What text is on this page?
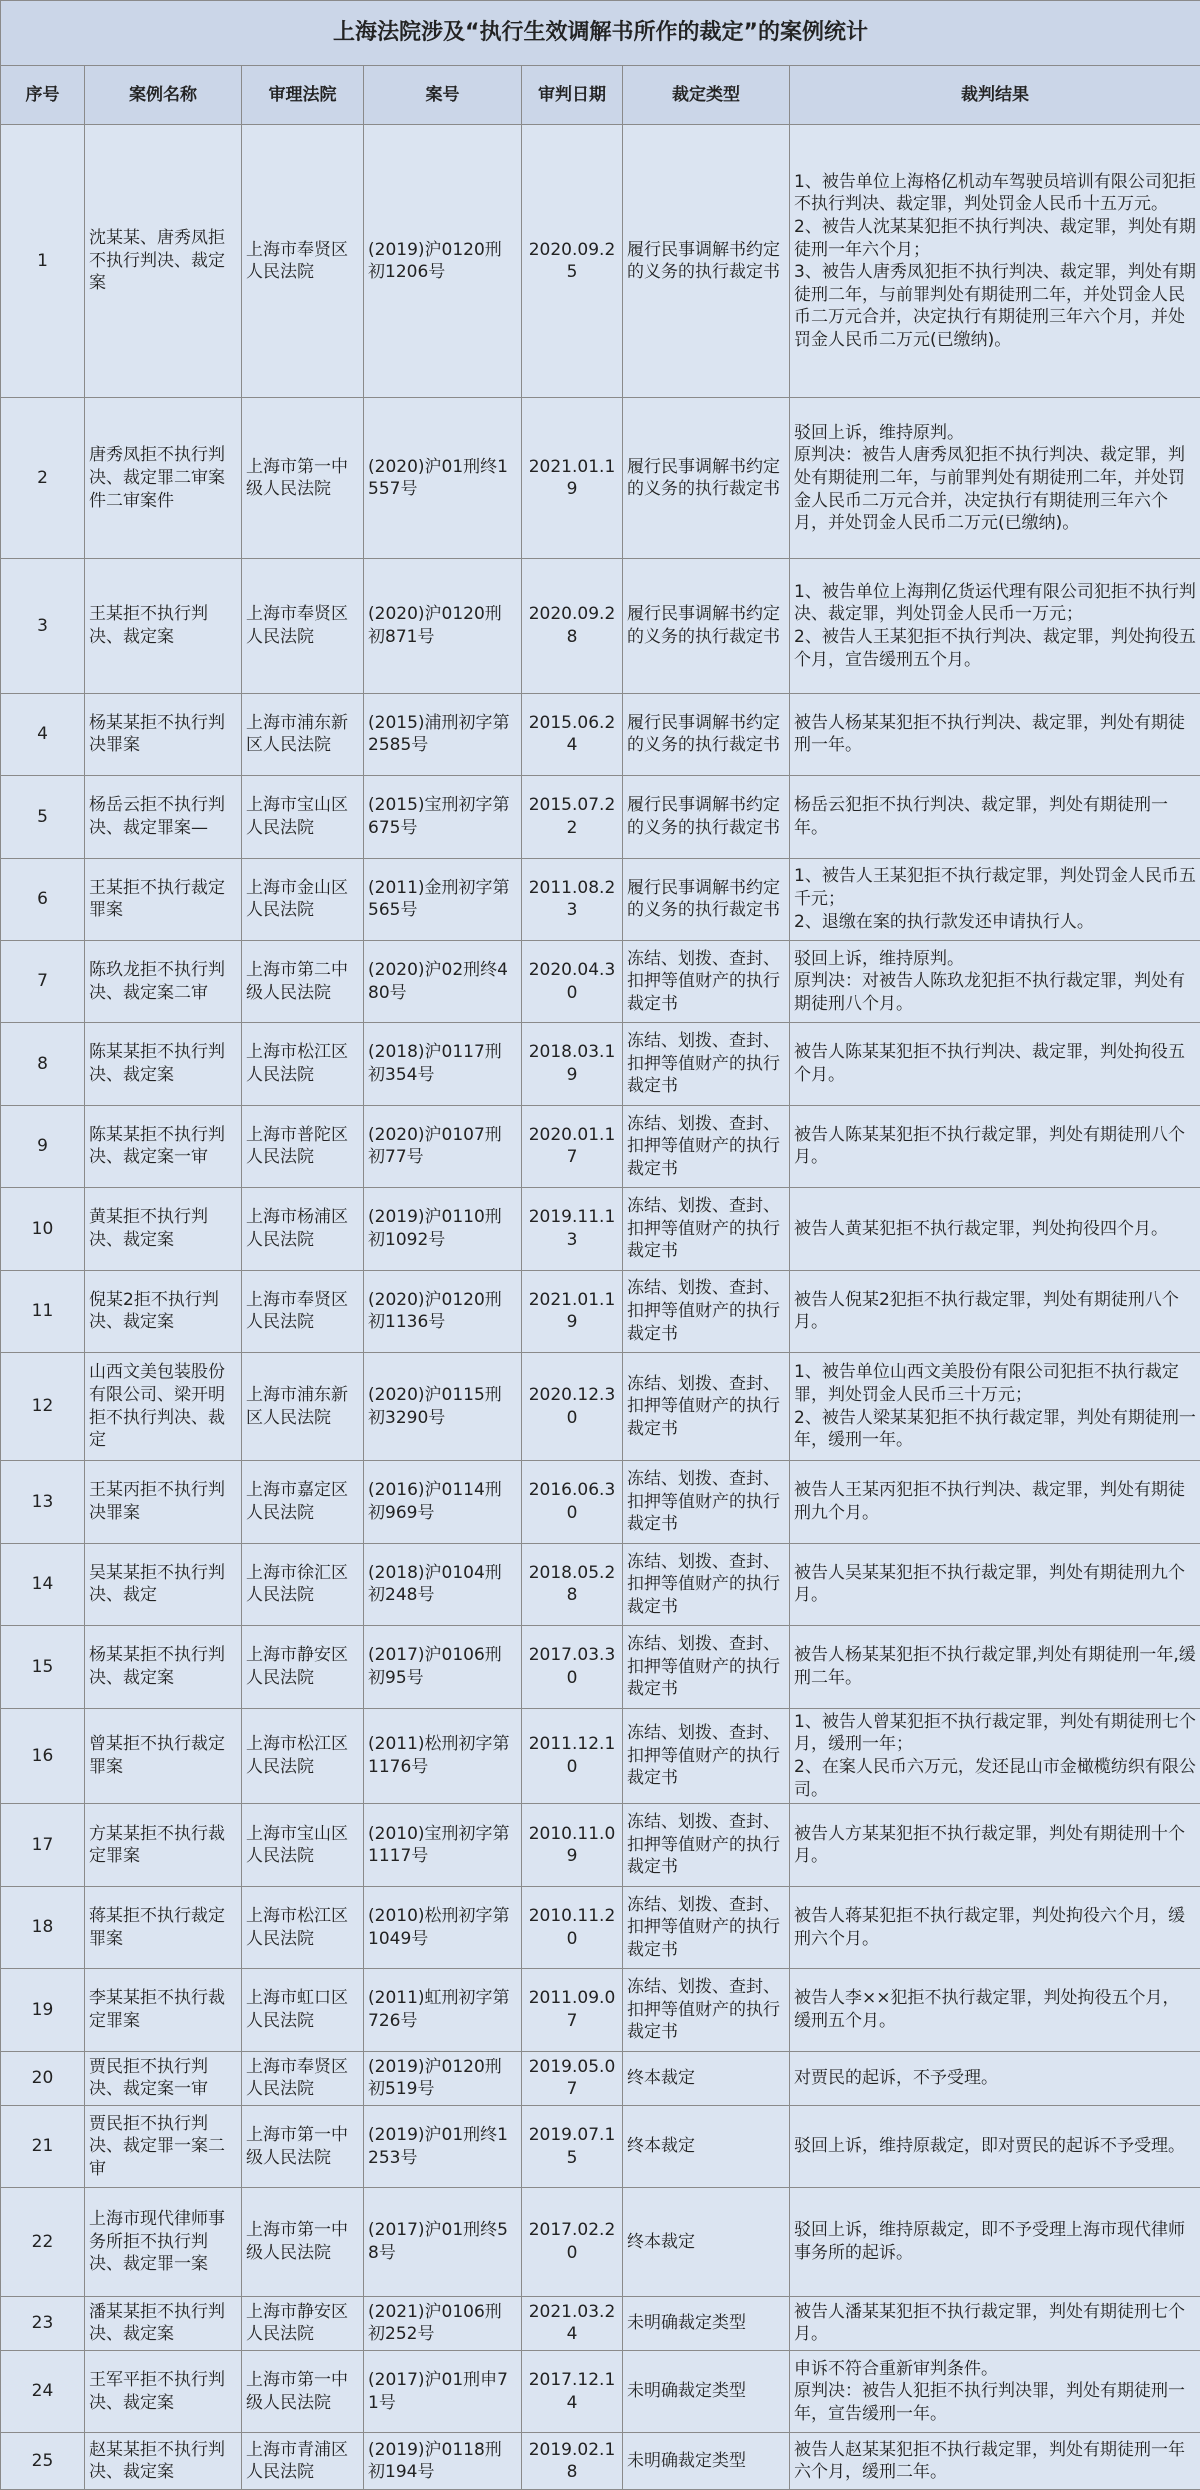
上海法院涉及“执行生效调解书所作的裁定”的案例统计						
序号	案例名称	审理法院	案号	审判日期	裁定类型	裁判结果
1	沈某某、唐秀凤拒不执行判决、裁定案	上海市奉贤区人民法院	(2019)沪0120刑初1206号	2020.09.25	履行民事调解书约定的义务的执行裁定书	1、被告单位上海格亿机动车驾驶员培训有限公司犯拒不执行判决、裁定罪，判处罚金人民币十五万元。
2、被告人沈某某犯拒不执行判决、裁定罪，判处有期徒刑一年六个月；
3、被告人唐秀凤犯拒不执行判决、裁定罪，判处有期徒刑二年，与前罪判处有期徒刑二年，并处罚金人民币二万元合并，决定执行有期徒刑三年六个月，并处罚金人民币二万元(已缴纳)。

2	唐秀凤拒不执行判决、裁定罪二审案件二审案件	上海市第一中级人民法院	(2020)沪01刑终1557号	2021.01.19	履行民事调解书约定的义务的执行裁定书	驳回上诉，维持原判。
原判决：被告人唐秀凤犯拒不执行判决、裁定罪，判处有期徒刑二年，与前罪判处有期徒刑二年，并处罚金人民币二万元合并，决定执行有期徒刑三年六个月，并处罚金人民币二万元(已缴纳)。

3	王某拒不执行判决、裁定案	上海市奉贤区人民法院	(2020)沪0120刑初871号	2020.09.28	履行民事调解书约定的义务的执行裁定书	1、被告单位上海荆亿货运代理有限公司犯拒不执行判决、裁定罪，判处罚金人民币一万元；
2、被告人王某犯拒不执行判决、裁定罪，判处拘役五个月，宣告缓刑五个月。

4	杨某某拒不执行判决罪案	上海市浦东新区人民法院	(2015)浦刑初字第2585号	2015.06.24	履行民事调解书约定的义务的执行裁定书	被告人杨某某犯拒不执行判决、裁定罪，判处有期徒刑一年。

5	杨岳云拒不执行判决、裁定罪案—	上海市宝山区人民法院	(2015)宝刑初字第675号	2015.07.22	履行民事调解书约定的义务的执行裁定书	杨岳云犯拒不执行判决、裁定罪，判处有期徒刑一年。

6	王某拒不执行裁定罪案	上海市金山区人民法院	(2011)金刑初字第565号	2011.08.23	履行民事调解书约定的义务的执行裁定书	1、被告人王某犯拒不执行裁定罪，判处罚金人民币五千元；
2、退缴在案的执行款发还申请执行人。

7	陈玖龙拒不执行判决、裁定案二审	上海市第二中级人民法院	(2020)沪02刑终480号	2020.04.30	冻结、划拨、查封、扣押等值财产的执行裁定书	驳回上诉，维持原判。
原判决：对被告人陈玖龙犯拒不执行裁定罪，判处有期徒刑八个月。

8	陈某某拒不执行判决、裁定案	上海市松江区人民法院	(2018)沪0117刑初354号	2018.03.19	冻结、划拨、查封、扣押等值财产的执行裁定书	被告人陈某某犯拒不执行判决、裁定罪，判处拘役五个月。

9	陈某某拒不执行判决、裁定案一审	上海市普陀区人民法院	(2020)沪0107刑初77号	2020.01.17	冻结、划拨、查封、扣押等值财产的执行裁定书	被告人陈某某犯拒不执行裁定罪，判处有期徒刑八个月。

10	黄某拒不执行判决、裁定案	上海市杨浦区人民法院	(2019)沪0110刑初1092号	2019.11.13	冻结、划拨、查封、扣押等值财产的执行裁定书	被告人黄某犯拒不执行裁定罪，判处拘役四个月。

11	倪某2拒不执行判决、裁定案	上海市奉贤区人民法院	(2020)沪0120刑初1136号	2021.01.19	冻结、划拨、查封、扣押等值财产的执行裁定书	被告人倪某2犯拒不执行裁定罪，判处有期徒刑八个月。

12	山西文美包装股份有限公司、梁开明拒不执行判决、裁定	上海市浦东新区人民法院	(2020)沪0115刑初3290号	2020.12.30	冻结、划拨、查封、扣押等值财产的执行裁定书	1、被告单位山西文美股份有限公司犯拒不执行裁定罪，判处罚金人民币三十万元；
2、被告人梁某某犯拒不执行裁定罪，判处有期徒刑一年，缓刑一年。

13	王某丙拒不执行判决罪案	上海市嘉定区人民法院	(2016)沪0114刑初969号	2016.06.30	冻结、划拨、查封、扣押等值财产的执行裁定书	被告人王某丙犯拒不执行判决、裁定罪，判处有期徒刑九个月。

14	吴某某拒不执行判决、裁定	上海市徐汇区人民法院	(2018)沪0104刑初248号	2018.05.28	冻结、划拨、查封、扣押等值财产的执行裁定书	被告人吴某某犯拒不执行裁定罪，判处有期徒刑九个月。

15	杨某某拒不执行判决、裁定案	上海市静安区人民法院	(2017)沪0106刑初95号	2017.03.30	冻结、划拨、查封、扣押等值财产的执行裁定书	被告人杨某某犯拒不执行裁定罪,判处有期徒刑一年,缓刑二年。

16	曾某拒不执行裁定罪案	上海市松江区人民法院	(2011)松刑初字第1176号	2011.12.10	冻结、划拨、查封、扣押等值财产的执行裁定书	1、被告人曾某犯拒不执行裁定罪，判处有期徒刑七个月，缓刑一年；
2、在案人民币六万元，发还昆山市金橄榄纺织有限公司。

17	方某某拒不执行裁定罪案	上海市宝山区人民法院	(2010)宝刑初字第1117号	2010.11.09	冻结、划拨、查封、扣押等值财产的执行裁定书	被告人方某某犯拒不执行裁定罪，判处有期徒刑十个月。

18	蒋某拒不执行裁定罪案	上海市松江区人民法院	(2010)松刑初字第1049号	2010.11.20	冻结、划拨、查封、扣押等值财产的执行裁定书	被告人蒋某犯拒不执行裁定罪，判处拘役六个月，缓刑六个月。

19	李某某拒不执行裁定罪案	上海市虹口区人民法院	(2011)虹刑初字第726号	2011.09.07	冻结、划拨、查封、扣押等值财产的执行裁定书	被告人李××犯拒不执行裁定罪，判处拘役五个月，缓刑五个月。

20	贾民拒不执行判决、裁定案一审	上海市奉贤区人民法院	(2019)沪0120刑初519号	2019.05.07	终本裁定	对贾民的起诉，不予受理。

21	贾民拒不执行判决、裁定罪一案二审	上海市第一中级人民法院	(2019)沪01刑终1253号	2019.07.15	终本裁定	驳回上诉，维持原裁定，即对贾民的起诉不予受理。

22	上海市现代律师事务所拒不执行判决、裁定罪一案	上海市第一中级人民法院	(2017)沪01刑终58号	2017.02.20	终本裁定	驳回上诉，维持原裁定，即不予受理上海市现代律师事务所的起诉。

23	潘某某拒不执行判决、裁定案	上海市静安区人民法院	(2021)沪0106刑初252号	2021.03.24	未明确裁定类型	被告人潘某某犯拒不执行裁定罪，判处有期徒刑七个月。

24	王军平拒不执行判决、裁定案	上海市第一中级人民法院	(2017)沪01刑申71号	2017.12.14	未明确裁定类型	申诉不符合重新审判条件。
原判决：被告人犯拒不执行判决罪，判处有期徒刑一年，宣告缓刑一年。

25	赵某某拒不执行判决、裁定案	上海市青浦区人民法院	(2019)沪0118刑初194号	2019.02.18	未明确裁定类型	被告人赵某某犯拒不执行裁定罪，判处有期徒刑一年六个月，缓刑二年。
